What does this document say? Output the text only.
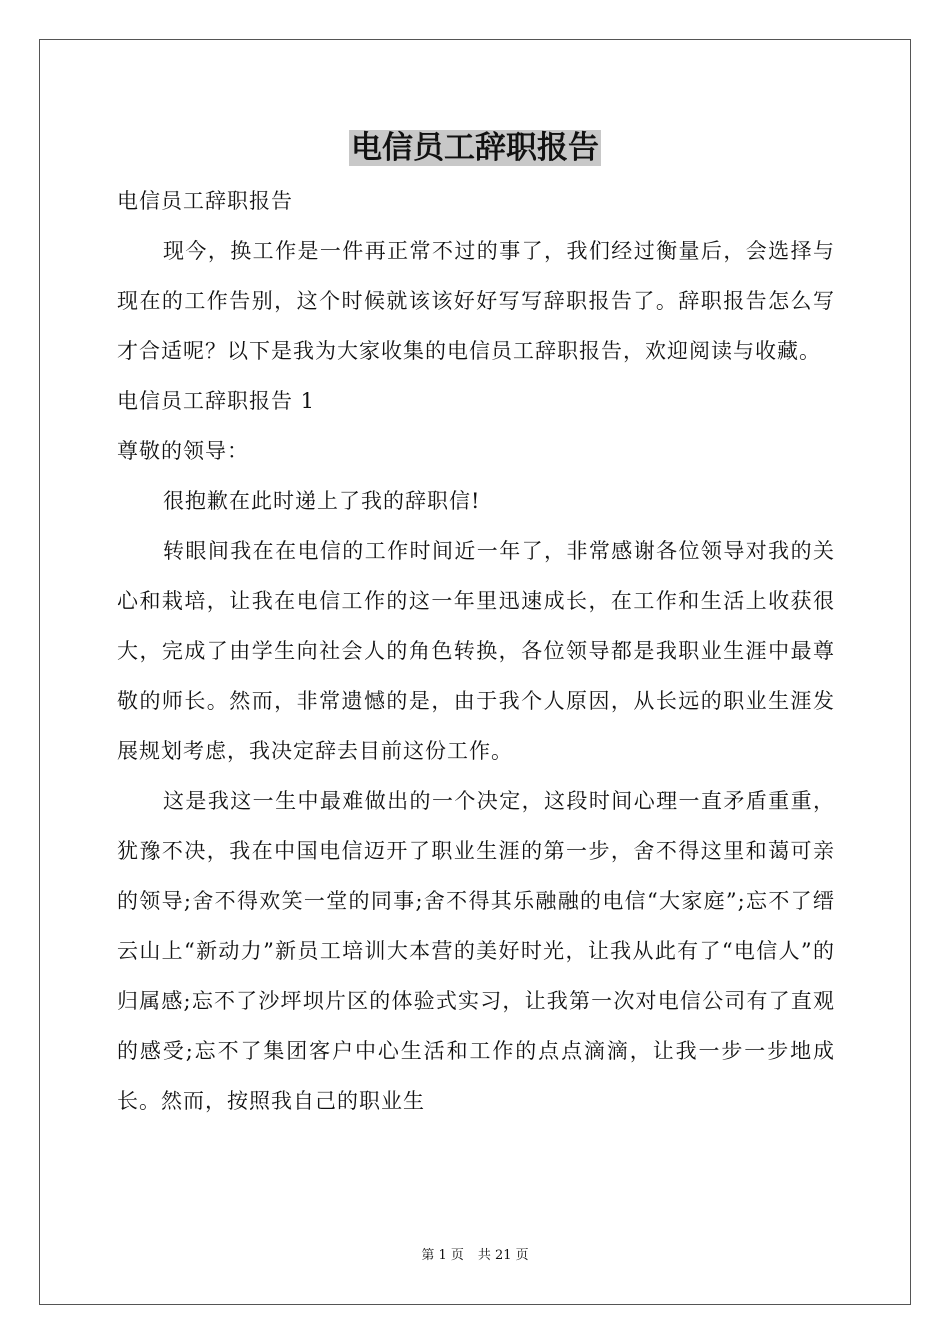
电信员工辞职报告

电信员工辞职报告

现今，换工作是一件再正常不过的事了，我们经过衡量后，会选择与现在的工作告别，这个时候就该该好好写写辞职报告了。辞职报告怎么写才合适呢？以下是我为大家收集的电信员工辞职报告，欢迎阅读与收藏。

电信员工辞职报告 1

尊敬的领导：

很抱歉在此时递上了我的辞职信!

转眼间我在在电信的工作时间近一年了，非常感谢各位领导对我的关心和栽培，让我在电信工作的这一年里迅速成长，在工作和生活上收获很大，完成了由学生向社会人的角色转换，各位领导都是我职业生涯中最尊敬的师长。然而，非常遗憾的是，由于我个人原因，从长远的职业生涯发展规划考虑，我决定辞去目前这份工作。

这是我这一生中最难做出的一个决定，这段时间心理一直矛盾重重，犹豫不决，我在中国电信迈开了职业生涯的第一步，舍不得这里和蔼可亲的领导;舍不得欢笑一堂的同事;舍不得其乐融融的电信“大家庭”;忘不了缙云山上“新动力”新员工培训大本营的美好时光，让我从此有了“电信人”的归属感;忘不了沙坪坝片区的体验式实习，让我第一次对电信公司有了直观的感受;忘不了集团客户中心生活和工作的点点滴滴，让我一步一步地成长。然而，按照我自己的职业生

第 1 页 共 21 页
